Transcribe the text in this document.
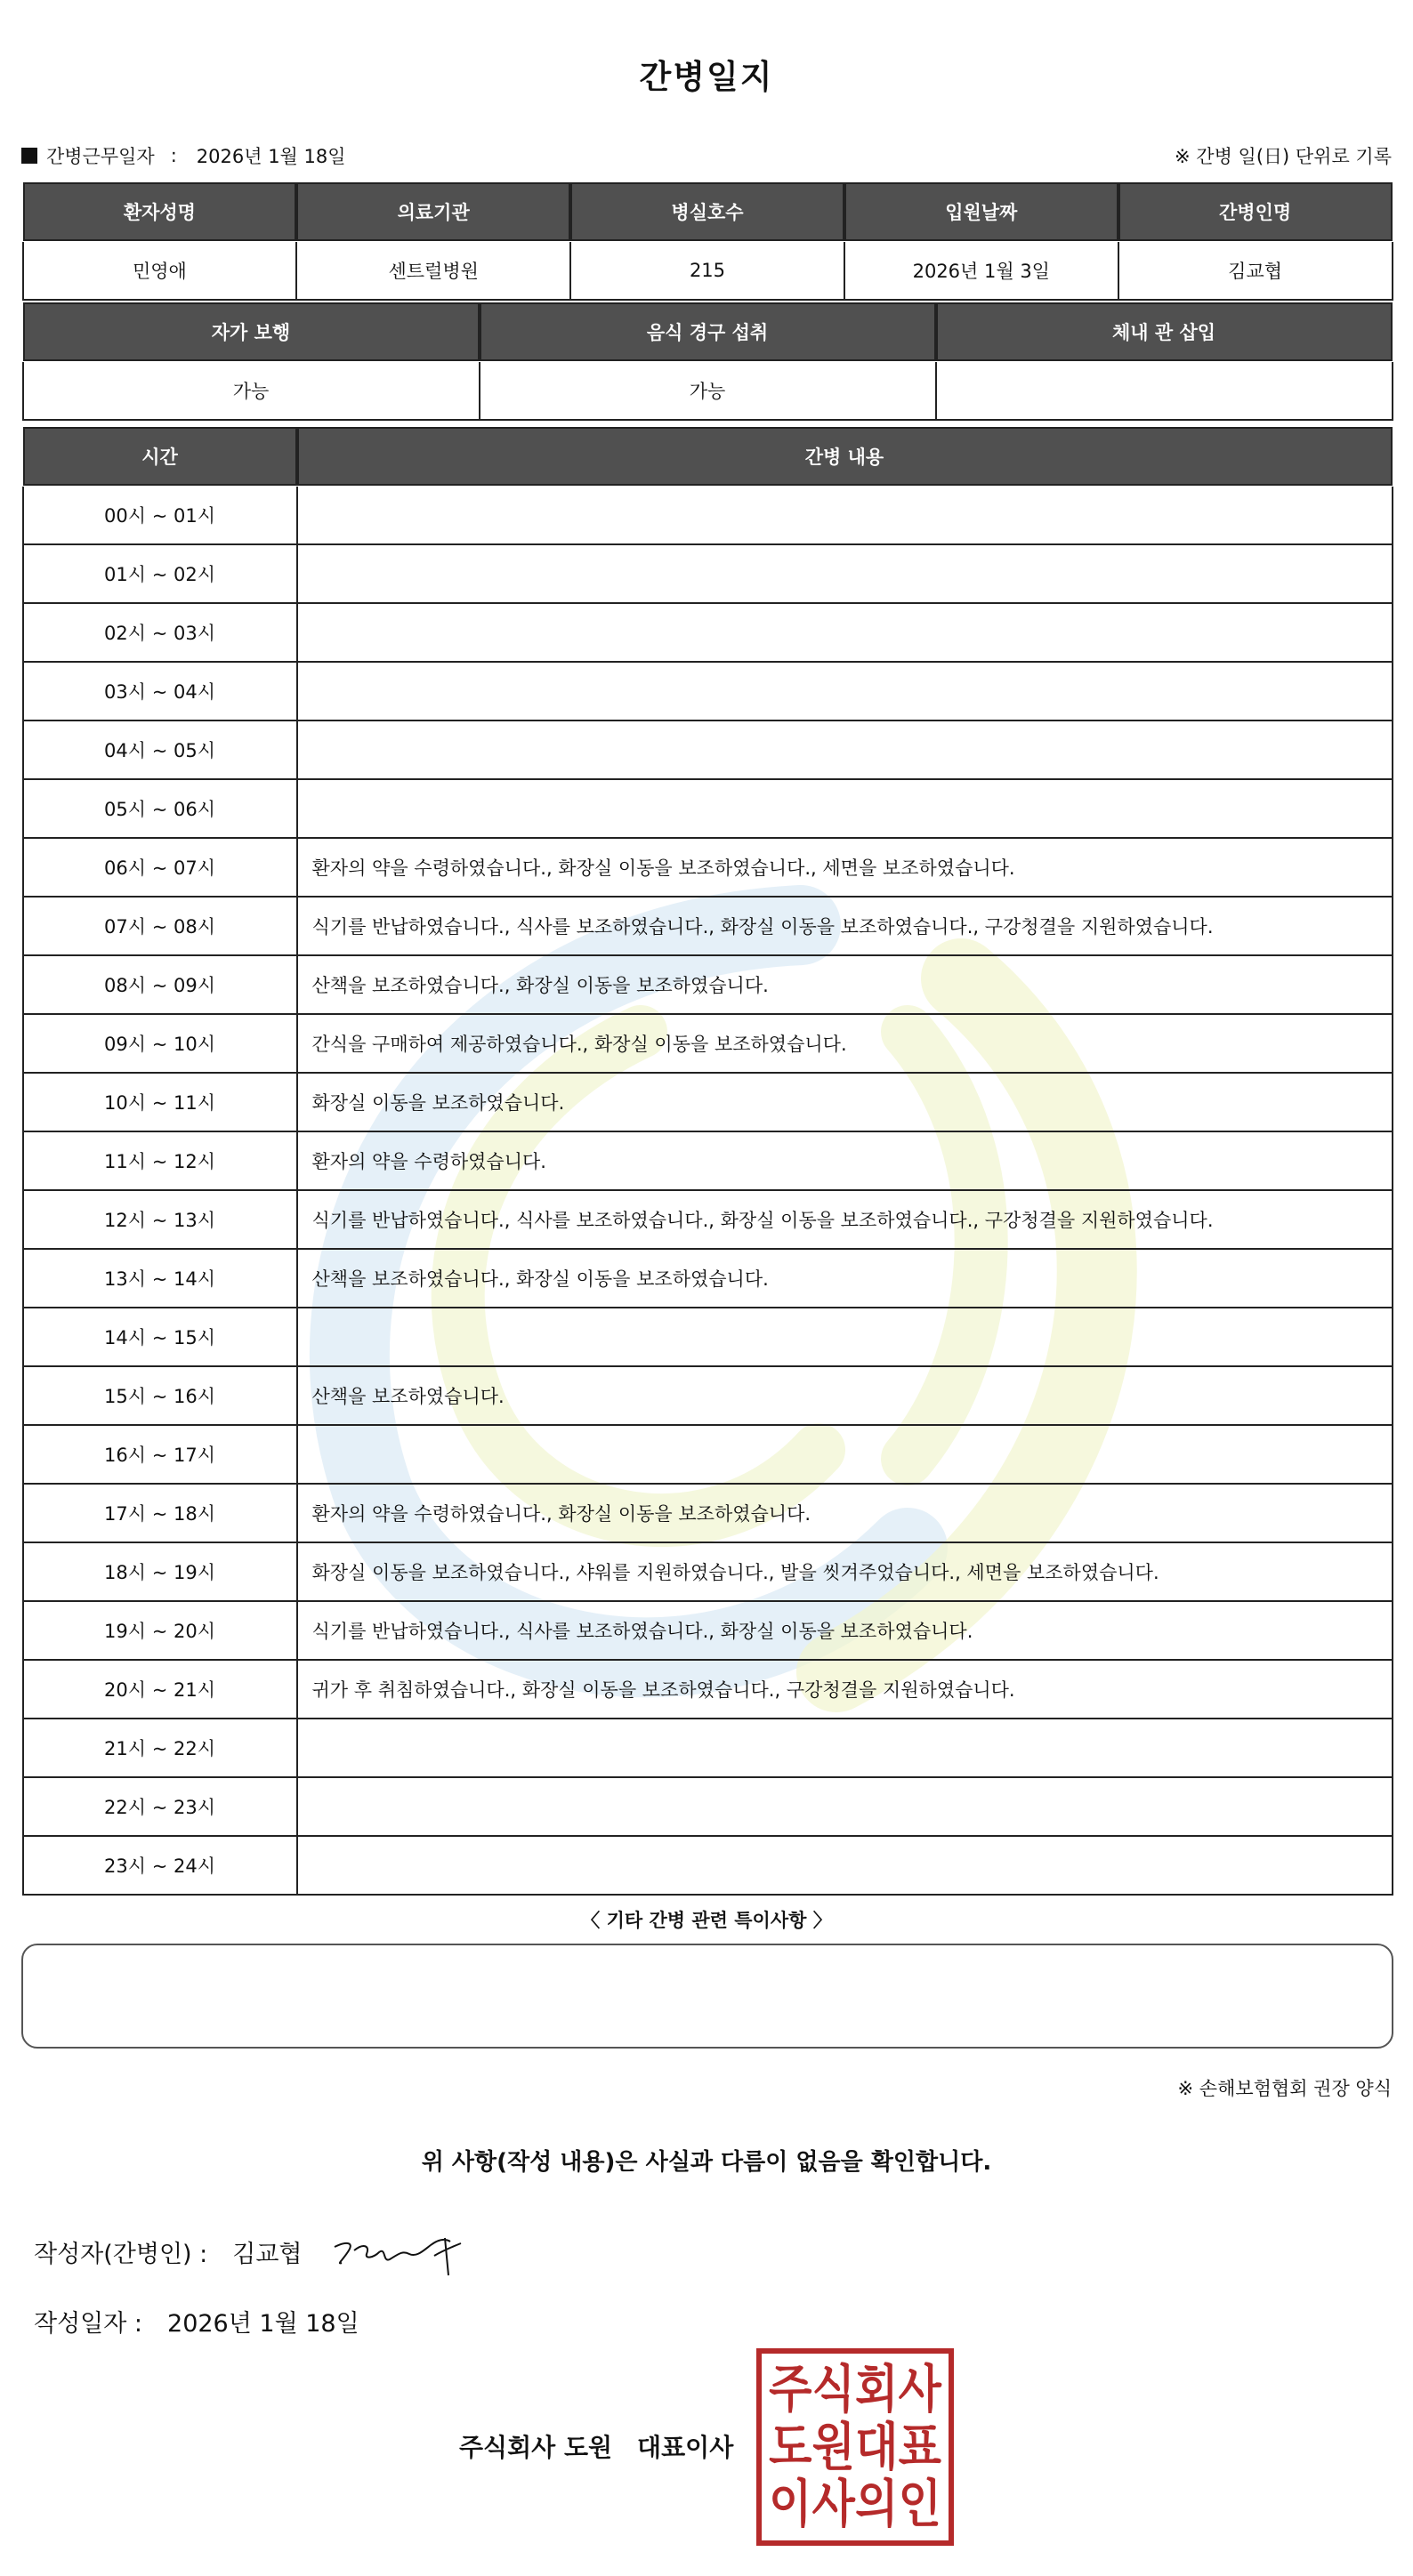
간병일지
간병근무일자 : 2026년 1월 18일	※ 간병 일(日) 단위로 기록
환자성명	의료기관	병실호수	입원날짜	간병인명
민영애	센트럴병원	215	2026년 1월 3일	김교협
자가 보행	음식 경구 섭취	체내 관 삽입
가능	가능	
시간	간병 내용
00시 ~ 01시	
01시 ~ 02시	
02시 ~ 03시	
03시 ~ 04시	
04시 ~ 05시	
05시 ~ 06시	
06시 ~ 07시	환자의 약을 수령하였습니다., 화장실 이동을 보조하였습니다., 세면을 보조하였습니다.
07시 ~ 08시	식기를 반납하였습니다., 식사를 보조하였습니다., 화장실 이동을 보조하였습니다., 구강청결을 지원하였습니다.
08시 ~ 09시	산책을 보조하였습니다., 화장실 이동을 보조하였습니다.
09시 ~ 10시	간식을 구매하여 제공하였습니다., 화장실 이동을 보조하였습니다.
10시 ~ 11시	화장실 이동을 보조하였습니다.
11시 ~ 12시	환자의 약을 수령하였습니다.
12시 ~ 13시	식기를 반납하였습니다., 식사를 보조하였습니다., 화장실 이동을 보조하였습니다., 구강청결을 지원하였습니다.
13시 ~ 14시	산책을 보조하였습니다., 화장실 이동을 보조하였습니다.
14시 ~ 15시	
15시 ~ 16시	산책을 보조하였습니다.
16시 ~ 17시	
17시 ~ 18시	환자의 약을 수령하였습니다., 화장실 이동을 보조하였습니다.
18시 ~ 19시	화장실 이동을 보조하였습니다., 샤워를 지원하였습니다., 발을 씻겨주었습니다., 세면을 보조하였습니다.
19시 ~ 20시	식기를 반납하였습니다., 식사를 보조하였습니다., 화장실 이동을 보조하였습니다.
20시 ~ 21시	귀가 후 취침하였습니다., 화장실 이동을 보조하였습니다., 구강청결을 지원하였습니다.
21시 ~ 22시	
22시 ~ 23시	
23시 ~ 24시	
〈 기타 간병 관련 특이사항 〉
※ 손해보험협회 권장 양식
위 사항(작성 내용)은 사실과 다름이 없음을 확인합니다.
작성자(간병인) : 김교협
작성일자 : 2026년 1월 18일
주식회사 도원 대표이사
주 식 회 사
도 원 대 표
이 사 의 인
